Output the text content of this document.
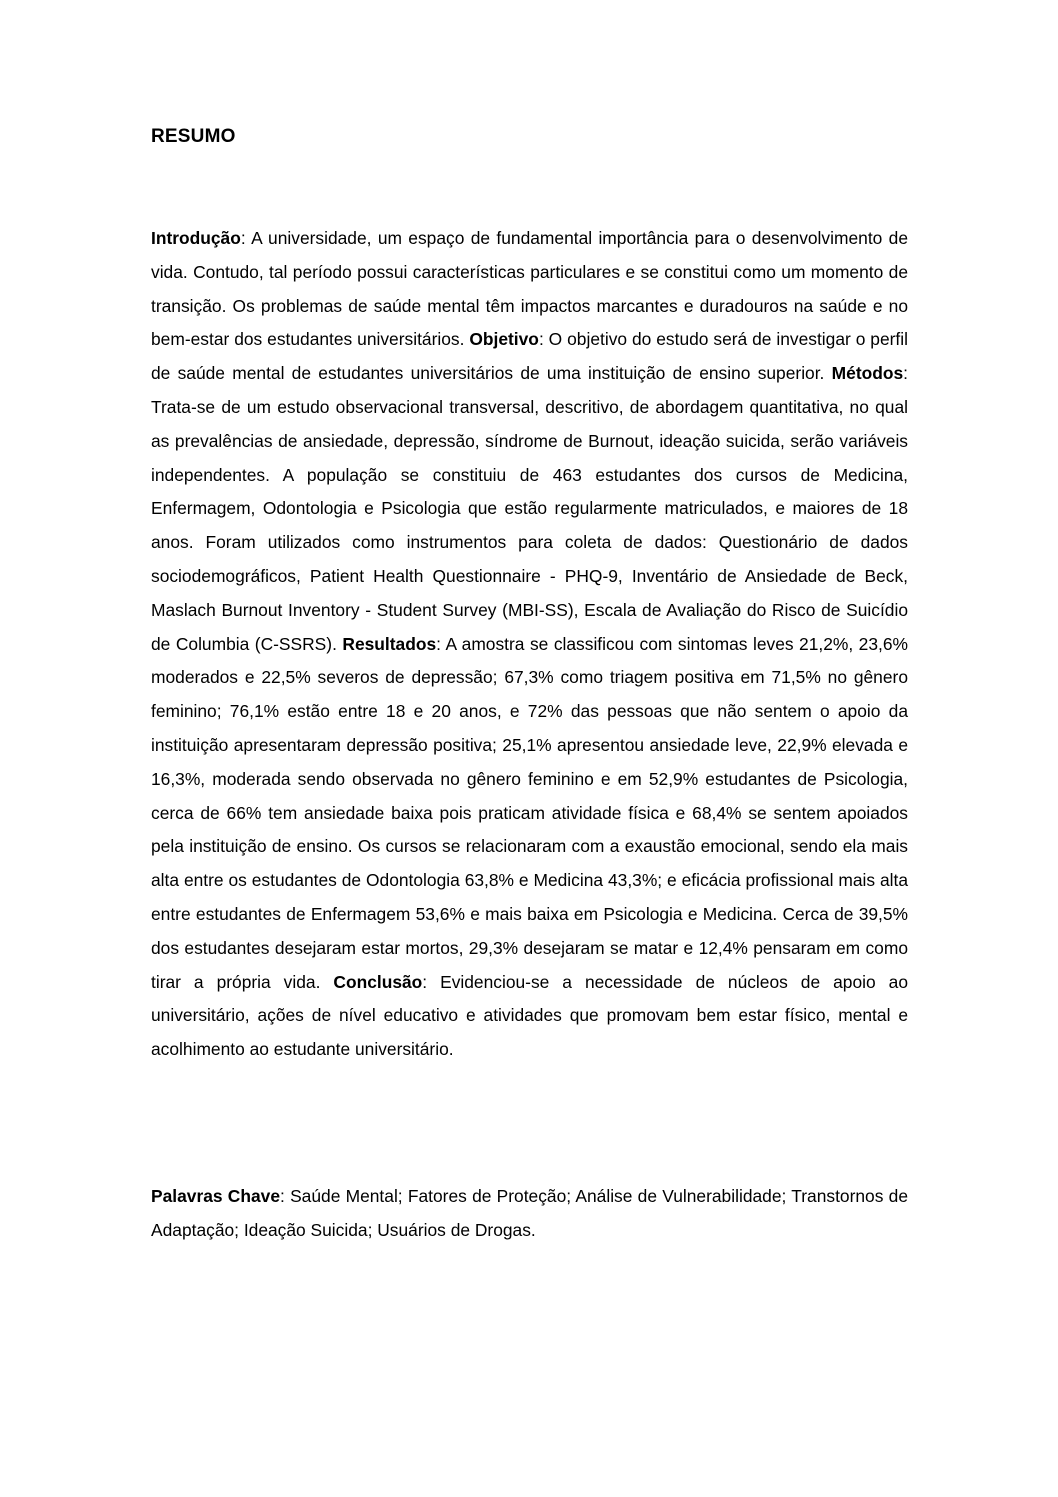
RESUMO

Introdução: A universidade, um espaço de fundamental importância para o desenvolvimento de vida. Contudo, tal período possui características particulares e se constitui como um momento de transição. Os problemas de saúde mental têm impactos marcantes e duradouros na saúde e no bem-estar dos estudantes universitários. Objetivo: O objetivo do estudo será de investigar o perfil de saúde mental de estudantes universitários de uma instituição de ensino superior. Métodos: Trata-se de um estudo observacional transversal, descritivo, de abordagem quantitativa, no qual as prevalências de ansiedade, depressão, síndrome de Burnout, ideação suicida, serão variáveis independentes. A população se constituiu de 463 estudantes dos cursos de Medicina, Enfermagem, Odontologia e Psicologia que estão regularmente matriculados, e maiores de 18 anos. Foram utilizados como instrumentos para coleta de dados: Questionário de dados sociodemográficos, Patient Health Questionnaire - PHQ-9, Inventário de Ansiedade de Beck, Maslach Burnout Inventory - Student Survey (MBI-SS), Escala de Avaliação do Risco de Suicídio de Columbia (C-SSRS). Resultados: A amostra se classificou com sintomas leves 21,2%, 23,6% moderados e 22,5% severos de depressão; 67,3% como triagem positiva em 71,5% no gênero feminino; 76,1% estão entre 18 e 20 anos, e 72% das pessoas que não sentem o apoio da instituição apresentaram depressão positiva; 25,1% apresentou ansiedade leve, 22,9% elevada e 16,3%, moderada sendo observada no gênero feminino e em 52,9% estudantes de Psicologia, cerca de 66% tem ansiedade baixa pois praticam atividade física e 68,4% se sentem apoiados pela instituição de ensino. Os cursos se relacionaram com a exaustão emocional, sendo ela mais alta entre os estudantes de Odontologia 63,8% e Medicina 43,3%; e eficácia profissional mais alta entre estudantes de Enfermagem 53,6% e mais baixa em Psicologia e Medicina. Cerca de 39,5% dos estudantes desejaram estar mortos, 29,3% desejaram se matar e 12,4% pensaram em como tirar a própria vida. Conclusão: Evidenciou-se a necessidade de núcleos de apoio ao universitário, ações de nível educativo e atividades que promovam bem estar físico, mental e acolhimento ao estudante universitário.

Palavras Chave: Saúde Mental; Fatores de Proteção; Análise de Vulnerabilidade; Transtornos de Adaptação; Ideação Suicida; Usuários de Drogas.
